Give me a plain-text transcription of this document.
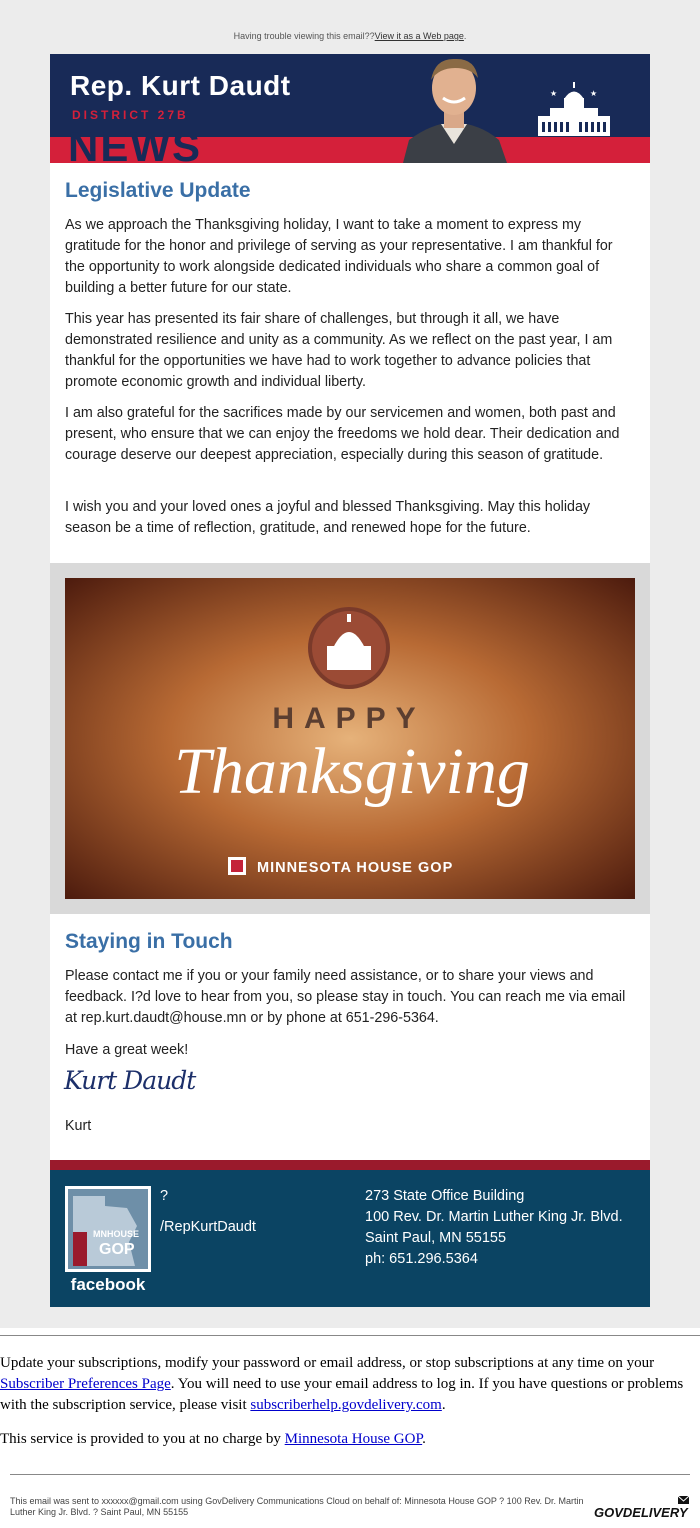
Having trouble viewing this email??View it as a Web page.
Rep. Kurt Daudt
DISTRICT 27B
NEWS
★	★
Legislative Update

As we approach the Thanksgiving holiday, I want to take a moment to express my gratitude for the honor and privilege of serving as your representative. I am thankful for the opportunity to work alongside dedicated individuals who share a common goal of building a better future for our state.

This year has presented its fair share of challenges, but through it all, we have demonstrated resilience and unity as a community. As we reflect on the past year, I am thankful for the opportunities we have had to work together to advance policies that promote economic growth and individual liberty.

I am also grateful for the sacrifices made by our servicemen and women, both past and present, who ensure that we can enjoy the freedoms we hold dear. Their dedication and courage deserve our deepest appreciation, especially during this season of gratitude.

I wish you and your loved ones a joyful and blessed Thanksgiving. May this holiday season be a time of reflection, gratitude, and renewed hope for the future.

HAPPY
Thanksgiving
MINNESOTA HOUSE GOP
Staying in Touch

Please contact me if you or your family need assistance, or to share your views and feedback. I?d love to hear from you, so please stay in touch. You can reach me via email at rep.kurt.daudt@house.mn or by phone at 651-296-5364.

Have a great week!

Kurt Daudt

Kurt

MN HOUSE
GOP
facebook
?
/RepKurtDaudt
273 State Office Building
100 Rev. Dr. Martin Luther King Jr. Blvd.
Saint Paul, MN 55155
ph: 651.296.5364

Update your subscriptions, modify your password or email address, or stop subscriptions at any time on your Subscriber Preferences Page. You will need to use your email address to log in. If you have questions or problems with the subscription service, please visit subscriberhelp.govdelivery.com.

This service is provided to you at no charge by Minnesota House GOP.

This email was sent to xxxxxx@gmail.com using GovDelivery Communications Cloud on behalf of: Minnesota House GOP ? 100 Rev. Dr. Martin Luther King Jr. Blvd. ? Saint Paul, MN 55155	GOVDELIVERY
